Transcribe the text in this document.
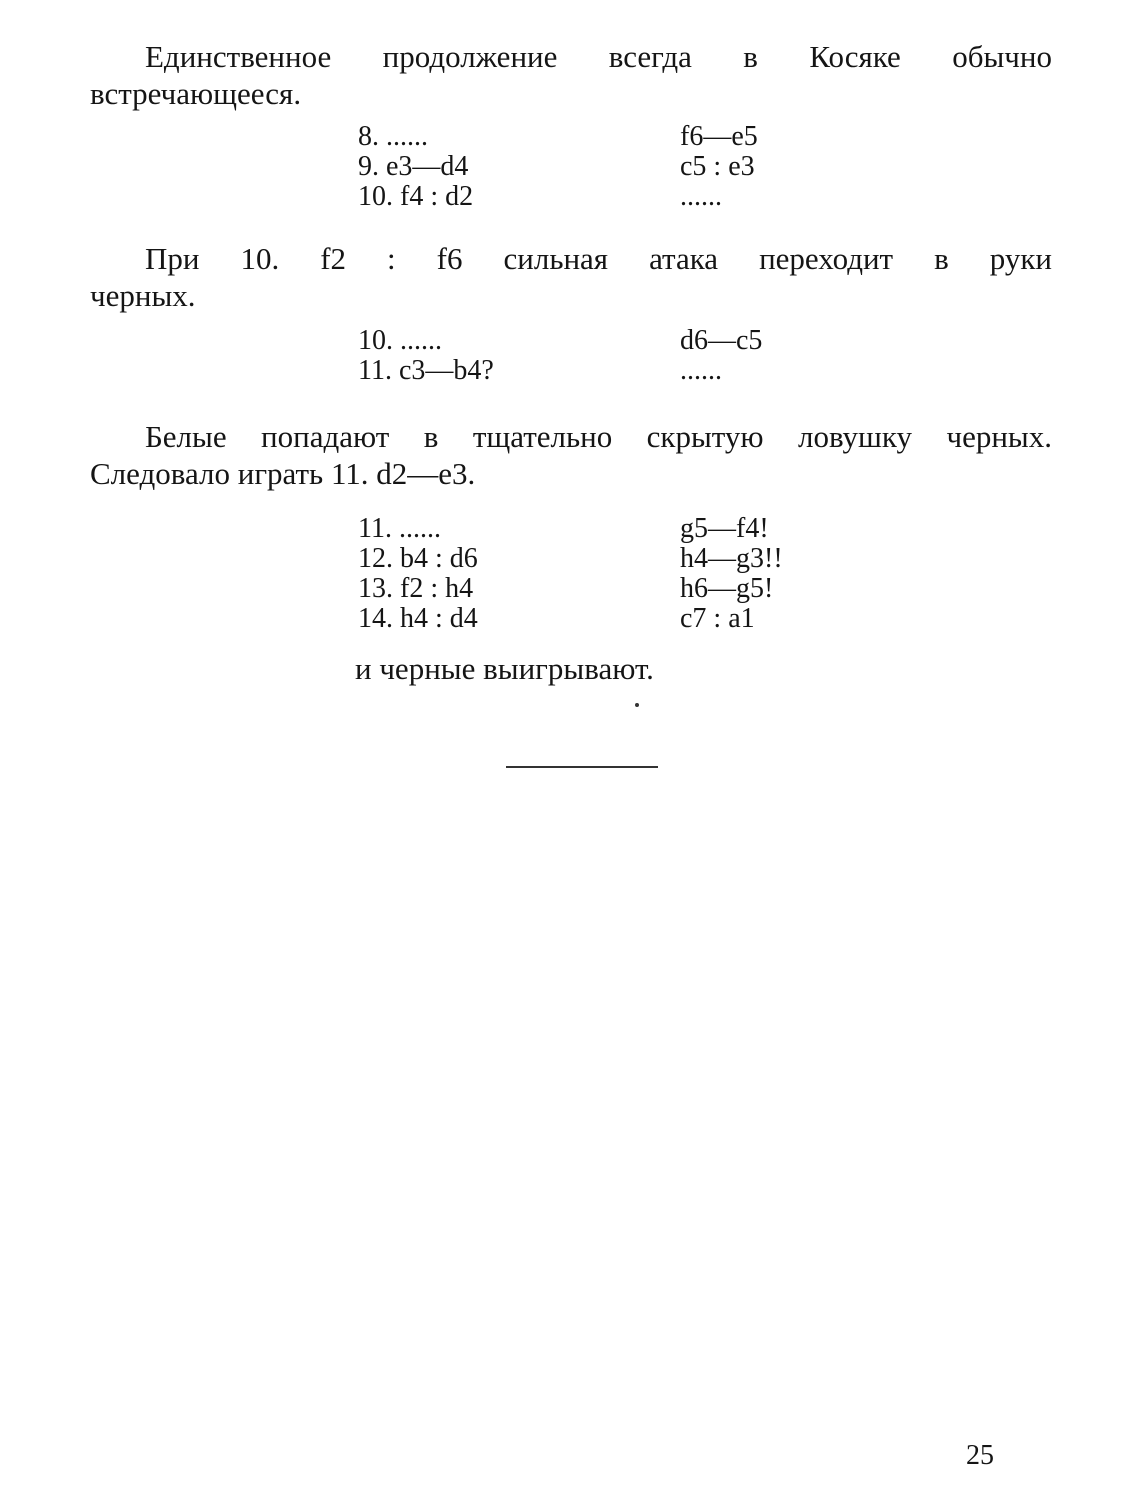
Единственное продолжение всегда в Косяке обычно
встречающееся.

8. ......	f6—e5
9. e3—d4	c5 : e3
10. f4 : d2	......

При 10. f2 : f6 сильная атака переходит в руки
черных.

10. ......	d6—c5
11. c3—b4?	......

Белые попадают в тщательно скрытую ловушку черных.
Следовало играть 11. d2—e3.

11. ......	g5—f4!
12. b4 : d6	h4—g3!!
13. f2 : h4	h6—g5!
14. h4 : d4	c7 : a1
и черные выигрывают.
25
